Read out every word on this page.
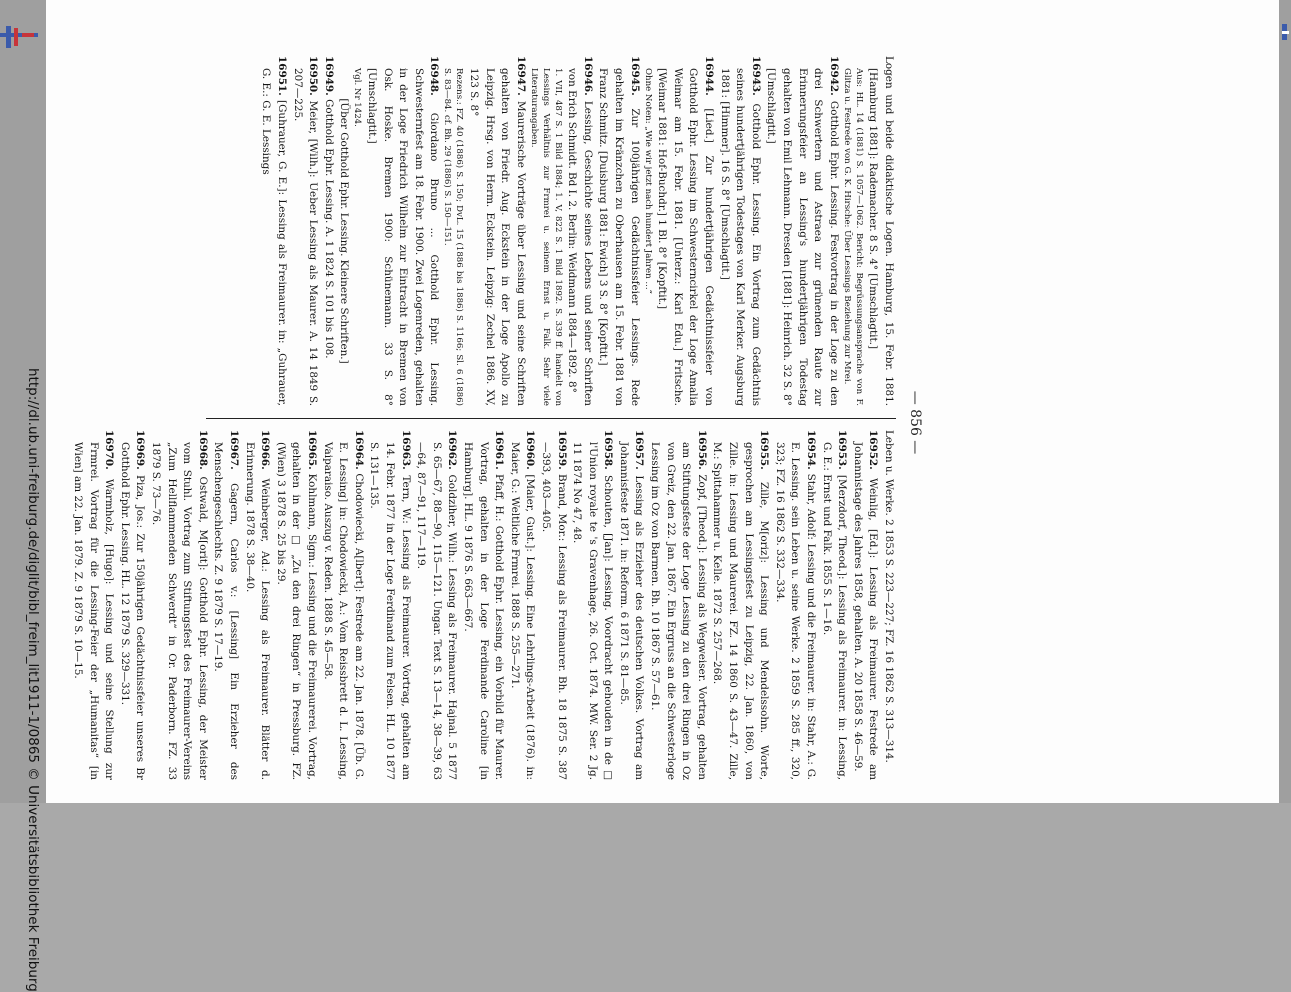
http://dl.ub.uni-freiburg.de/diglit/bibl_freim_lit1911-1/0865 © Universitätsbibliothek Freiburg	— 856 —

Logen und beide didaktische Logen. Hamburg, 15. Febr. 1881. [Hamburg 1881]: Rademacher. 8 S. 4° [Umschlagtit.]

Aus: HL. 14 (1881) S. 1057—1062. Bericht: Begrüssungsansprache von F. Glitza u. Festrede von G. K. Hirsche: Über Lessings Beziehung zur Mrei.

16942. Gotthold Ephr. Lessing. Festvortrag in der Loge zu den drei Schwertern und Astraea zur grünenden Raute zur Erinnerungsfeier an Lessing's hundertjährigen Todestag gehalten von Emil Lehmann. Dresden [1881]: Heinrich. 32 S. 8° [Umschlagtit.]

16943. Gotthold Ephr. Lessing. Ein Vortrag zum Gedächtnis seines hundertjährigen Todestages von Karl Merker. Augsburg 1881: [Himmer]. 16 S. 8° [Umschlagtit.]

16944. [Lied.] Zur hundertjährigen Gedächtnissfeier von Gotthold Ephr. Lessing im Schwesterncirkel der Loge Amalia Weimar am 15. Febr. 1881. [Unterz.: Karl Edu.] Fritsche. [Weimar 1881: Hof-Buchdr.] 1 Bl. 8° [Kopftit.]

Ohne Noten: „Wie wir jetzt nach hundert Jahren ...“

16945. Zur 100jährigen Gedächtnissfeier Lessings. Rede gehalten im Kränzchen zu Oberhausen am 15. Febr. 1881 von Franz Schmitz. [Duisburg 1881: Ewich] 3 S. 8° [Kopftit.]

16946. Lessing, Geschichte seines Lebens und seiner Schriften von Erich Schmidt. Bd I. 2. Berlin: Weidmann 1884—1892. 8°

1. VII, 487 S. 1 Bild 1884; 1. V, 822 S. 1 Bild 1892. S. 339 ff. handelt von Lessings Verhältnis zur Frmrei u. seinem Ernst u. Falk. Sehr viele Literaturangaben.

16947. Maurerische Vorträge über Lessing und seine Schriften gehalten von Friedr. Aug. Eckstein in der Loge Apollo zu Leipzig. Hrsg. von Herm. Eckstein. Leipzig: Zechel 1886. XV, 123 S. 8°

Rezens.: FZ. 40 (1886) S. 150; DvL. 15 (1886 bis 1886) S. 1166; Sl. 6 (1886) S. 83—84. cf. Bh. 29 (1886) S. 150—151.

16948. Giordano Bruno ... Gotthold Ephr. Lessing. Schwesternfest am 18. Febr. 1900. Zwei Logenreden, gehalten in der Loge Friedrich Wilhelm zur Eintracht in Bremen von Osk. Hoske. Bremen 1900: Schünemann. 33 S. 8° [Umschlagtit.]

Vgl. Nr 1424.

[Über Gotthold Ephr. Lessing. Kleinere Schriften.]

16949. Gotthold Ephr. Lessing. A. 1 1824 S. 101 bis 108.

16950. Meier, [Wilh.]: Ueber Lessing als Maurer. A. 14 1849 S. 207—225.

16951. [Guhrauer, G. E.]: Lessing als Freimaurer. in: „Guhrauer, G. E.: G. E. Lessings

Leben u. Werke. 2 1853 S. 223—227; FZ. 16 1862 S. 313—314.

16952. Weinlig, [Ed.]: Lessing als Freimaurer. Festrede am Johannistage des Jahres 1858, gehalten. A. 20 1858 S. 46—59.

16953. [Merzdorf, Theod.]: Lessing als Freimaurer. in: Lessing, G. E.: Ernst und Falk. 1855 S. 1—16.

16954. Stahr, Adolf: Lessing und die Freimaurer. in: Stahr, A.: G. E. Lessing. sein Leben u. seine Werke. 2 1859 S. 285 ff., 320, 323; FZ. 16 1862 S. 332—334.

16955. Zille, M[oriz]: Lessing und Mendelssohn. Worte, gesprochen am Lessingsfest zu Leipzig, 22. Jan. 1860, von Zille. in: Lessing und Maurerei. FZ. 14 1860 S. 43—47. Zille, M.: Spittahammer u. Kelle. 1872 S. 257—268.

16956. Zopf, [Theod.]: Lessing als Wegweiser. Vortrag, gehalten am Stiftungsfeste der Loge Lessing zu den drei Ringen in Oz von Greiz, den 22. Jan. 1867. Ein Ergruss an die Schwesterloge Lessing im Oz von Barmen. Bh. 10 1867 S. 57—61.

16957. Lessing als Erzieher des deutschen Volkes. Vortrag am Johannisfeste 1871. in: Reform. 6 1871 S. 81—85.

16958. Schouten, [Jan]: Lessing. Voordracht gehouden in de □ l'Union royale te 's Gravenhage, 26. Oct. 1874. MW. Ser. 2 Jg. 11 1874 No 47, 48.

16959. Brand, Mor.: Lessing als Freimaurer. Bh. 18 1875 S. 387—393, 403—405.

16960. [Maier, Gust.]: Lessing. Eine Lehrlings-Arbeit (1876). in: Maier, G.: Weltliche Frmrei. 1888 S. 255—271.

16961. Pfaff, H.: Gotthold Ephr. Lessing, ein Vorbild für Maurer. Vortrag, gehalten in der Loge Ferdinande Caroline [in Hamburg]. HL. 9 1876 S. 663—667.

16962. Goldziher, Wilh.: Lessing als Freimaurer. Hajnal. 5 1877 S. 65—67, 88—90, 115—121. Ungar. Text S. 13—14, 38—39, 63—64, 87—91, 117—119.

16963. Tern, W.: Lessing als Freimaurer. Vortrag, gehalten am 14. Febr. 1877 in der Loge Ferdinand zum Felsen. HL. 10 1877 S. 131—135.

16964. Chodowiecki, A[lbert]: Festrede am 22. Jan. 1878. [Üb. G. E. Lessing] in: Chodowiecki, A.: Vom Reissbrett d. L. Lessing, Vaiparaiso. Auszug v. Reden. 1888 S. 45—58.

16965. Kohlmann, Sigm.: Lessing und die Freimaurerei. Vortrag, gehalten in der □ „Zu den drei Ringen“ in Pressburg. FZ. (Wien) 3 1878 S. 25 bis 29.

16966. Weinberger, Ad.: Lessing als Freimaurer. Blätter d. Erinnerung. 1878 S. 38—40.

16967. Gagern, Carlos v.: [Lessing] Ein Erzieher des Menschengeschlechts. Z. 9 1879 S. 17—19.

16968. Ostwald, M[orit]: Gotthold Ephr. Lessing, der Meister vom Stuhl. Vortrag zum Stiftungsfest des Freimaurer-Vereins „Zum Hellflammenden Schwerdt“ in Or. Paderborn. FZ. 33 1879 S. 73—76.

16969. Piza, Jos.: Zur 150jährigen Gedächtnissfeier unseres Br Gotthold Ephr. Lessing. HL. 12 1879 S. 329—331.

16970. Warmholz, [Hugo]: Lessing und seine Stellung zur Frmrei. Vortrag für die Lessing-Feier der „Humanitas“ [in Wien] am 22. Jan. 1879. Z. 9 1879 S. 10—15.
